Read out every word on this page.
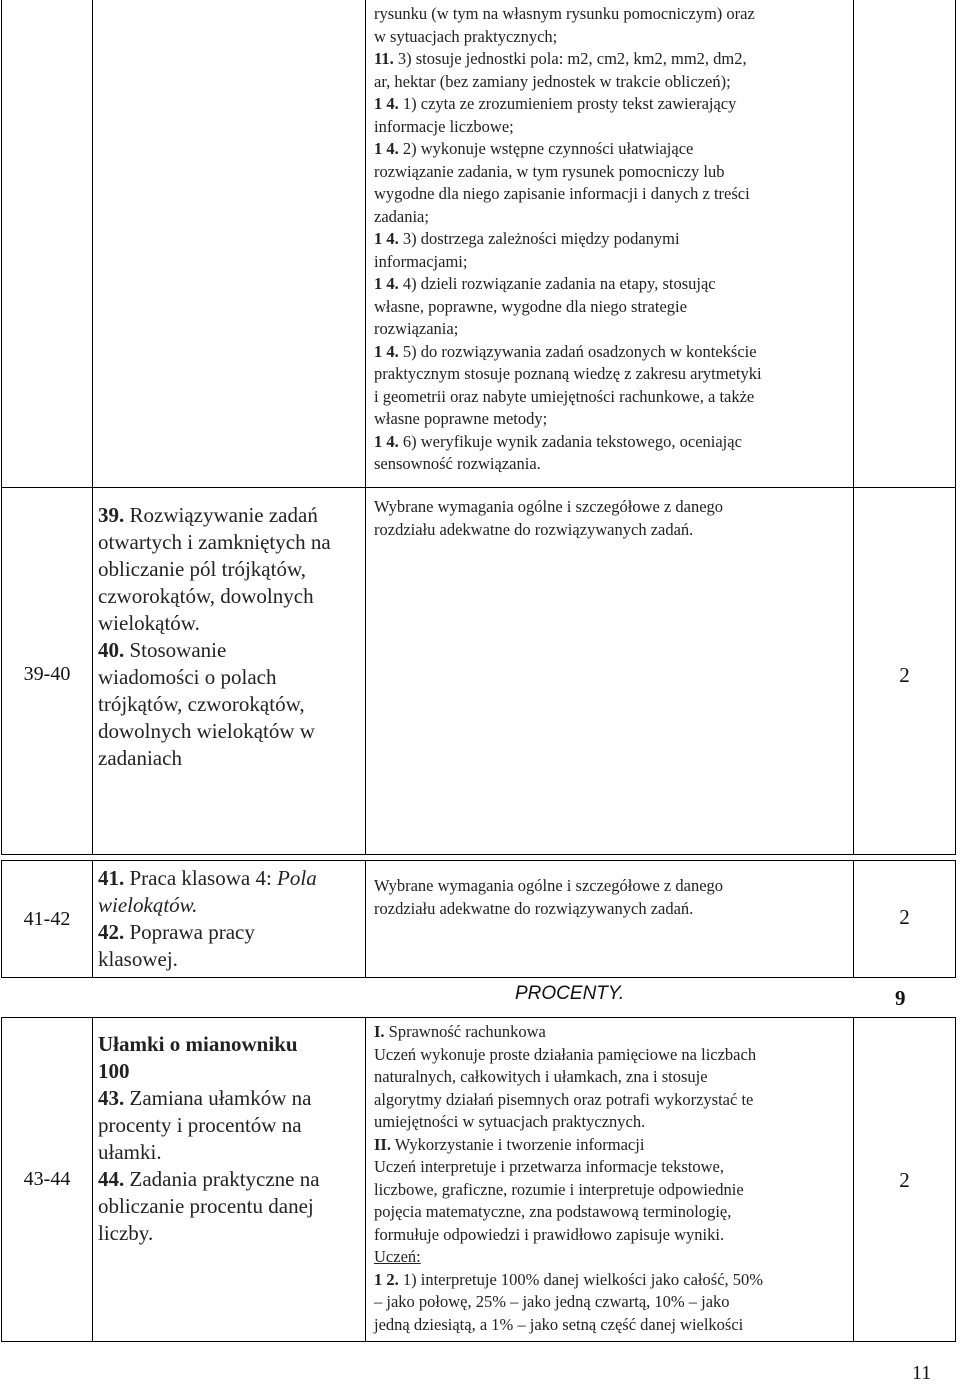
rysunku (w tym na własnym rysunku pomocniczym) oraz
w sytuacjach praktycznych;
11. 3) stosuje jednostki pola: m2, cm2, km2, mm2, dm2,
ar, hektar (bez zamiany jednostek w trakcie obliczeń);
1 4. 1) czyta ze zrozumieniem prosty tekst zawierający
informacje liczbowe;
1 4. 2) wykonuje wstępne czynności ułatwiające
rozwiązanie zadania, w tym rysunek pomocniczy lub
wygodne dla niego zapisanie informacji i danych z treści
zadania;
1 4. 3) dostrzega zależności między podanymi
informacjami;
1 4. 4) dzieli rozwiązanie zadania na etapy, stosując
własne, poprawne, wygodne dla niego strategie
rozwiązania;
1 4. 5) do rozwiązywania zadań osadzonych w kontekście
praktycznym stosuje poznaną wiedzę z zakresu arytmetyki
i geometrii oraz nabyte umiejętności rachunkowe, a także
własne poprawne metody;
1 4. 6) weryfikuje wynik zadania tekstowego, oceniając
sensowność rozwiązania.
39-40
39. Rozwiązywanie zadań
otwartych i zamkniętych na
obliczanie pól trójkątów,
czworokątów, dowolnych
wielokątów.
40. Stosowanie
wiadomości o polach
trójkątów, czworokątów,
dowolnych wielokątów w
zadaniach
Wybrane wymagania ogólne i szczegółowe z danego
rozdziału adekwatne do rozwiązywanych zadań.
2
41-42
41. Praca klasowa 4: Pola
wielokątów.
42. Poprawa pracy
klasowej.
Wybrane wymagania ogólne i szczegółowe z danego
rozdziału adekwatne do rozwiązywanych zadań.	2
PROCENTY.	9
43-44
Ułamki o mianowniku
100
43. Zamiana ułamków na
procenty i procentów na
ułamki.
44. Zadania praktyczne na
obliczanie procentu danej
liczby.
I. Sprawność rachunkowa
Uczeń wykonuje proste działania pamięciowe na liczbach
naturalnych, całkowitych i ułamkach, zna i stosuje
algorytmy działań pisemnych oraz potrafi wykorzystać te
umiejętności w sytuacjach praktycznych.
II. Wykorzystanie i tworzenie informacji
Uczeń interpretuje i przetwarza informacje tekstowe,
liczbowe, graficzne, rozumie i interpretuje odpowiednie
pojęcia matematyczne, zna podstawową terminologię,
formułuje odpowiedzi i prawidłowo zapisuje wyniki.
Uczeń:
1 2. 1) interpretuje 100% danej wielkości jako całość, 50%
– jako połowę, 25% – jako jedną czwartą, 10% – jako
jedną dziesiątą, a 1% – jako setną część danej wielkości
2
11
